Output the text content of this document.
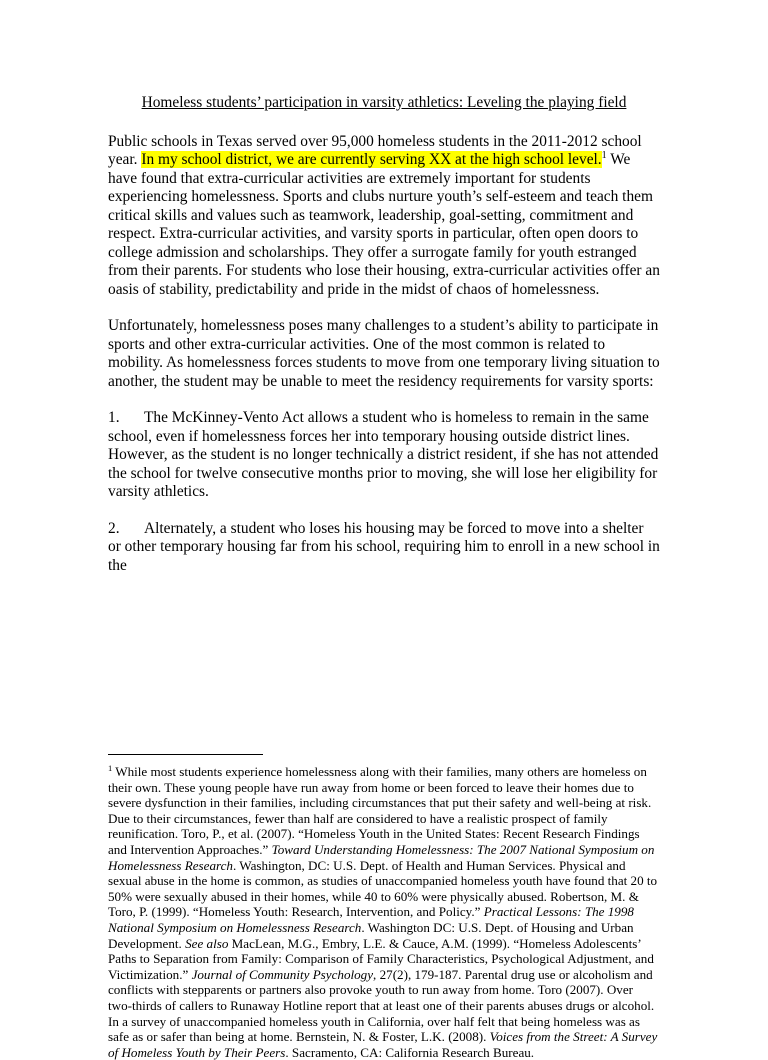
Homeless students’ participation in varsity athletics: Leveling the playing field
Public schools in Texas served over 95,000 homeless students in the 2011-2012 school year. In my school district, we are currently serving XX at the high school level.$^1$ We have found that extra-curricular activities are extremely important for students experiencing homelessness. Sports and clubs nurture youth’s self-esteem and teach them critical skills and values such as teamwork, leadership, goal-setting, commitment and respect. Extra-curricular activities, and varsity sports in particular, often open doors to college admission and scholarships. They offer a surrogate family for youth estranged from their parents. For students who lose their housing, extra-curricular activities offer an oasis of stability, predictability and pride in the midst of chaos of homelessness.
Unfortunately, homelessness poses many challenges to a student’s ability to participate in sports and other extra-curricular activities. One of the most common is related to mobility. As homelessness forces students to move from one temporary living situation to another, the student may be unable to meet the residency requirements for varsity sports:
1. The McKinney-Vento Act allows a student who is homeless to remain in the same school, even if homelessness forces her into temporary housing outside district lines. However, as the student is no longer technically a district resident, if she has not attended the school for twelve consecutive months prior to moving, she will lose her eligibility for varsity athletics.
2. Alternately, a student who loses his housing may be forced to move into a shelter or other temporary housing far from his school, requiring him to enroll in a new school in the
$^1$ While most students experience homelessness along with their families, many others are homeless on their own. These young people have run away from home or been forced to leave their homes due to severe dysfunction in their families, including circumstances that put their safety and well-being at risk. Due to their circumstances, fewer than half are considered to have a realistic prospect of family reunification. Toro, P., et al. (2007). “Homeless Youth in the United States: Recent Research Findings and Intervention Approaches.” Toward Understanding Homelessness: The 2007 National Symposium on Homelessness Research. Washington, DC: U.S. Dept. of Health and Human Services. Physical and sexual abuse in the home is common, as studies of unaccompanied homeless youth have found that 20 to 50% were sexually abused in their homes, while 40 to 60% were physically abused. Robertson, M. & Toro, P. (1999). “Homeless Youth: Research, Intervention, and Policy.” Practical Lessons: The 1998 National Symposium on Homelessness Research. Washington DC: U.S. Dept. of Housing and Urban Development. See also MacLean, M.G., Embry, L.E. & Cauce, A.M. (1999). “Homeless Adolescents’ Paths to Separation from Family: Comparison of Family Characteristics, Psychological Adjustment, and Victimization.” Journal of Community Psychology, 27(2), 179-187. Parental drug use or alcoholism and conflicts with stepparents or partners also provoke youth to run away from home. Toro (2007). Over two-thirds of callers to Runaway Hotline report that at least one of their parents abuses drugs or alcohol. In a survey of unaccompanied homeless youth in California, over half felt that being homeless was as safe as or safer than being at home. Bernstein, N. & Foster, L.K. (2008). Voices from the Street: A Survey of Homeless Youth by Their Peers. Sacramento, CA: California Research Bureau.
